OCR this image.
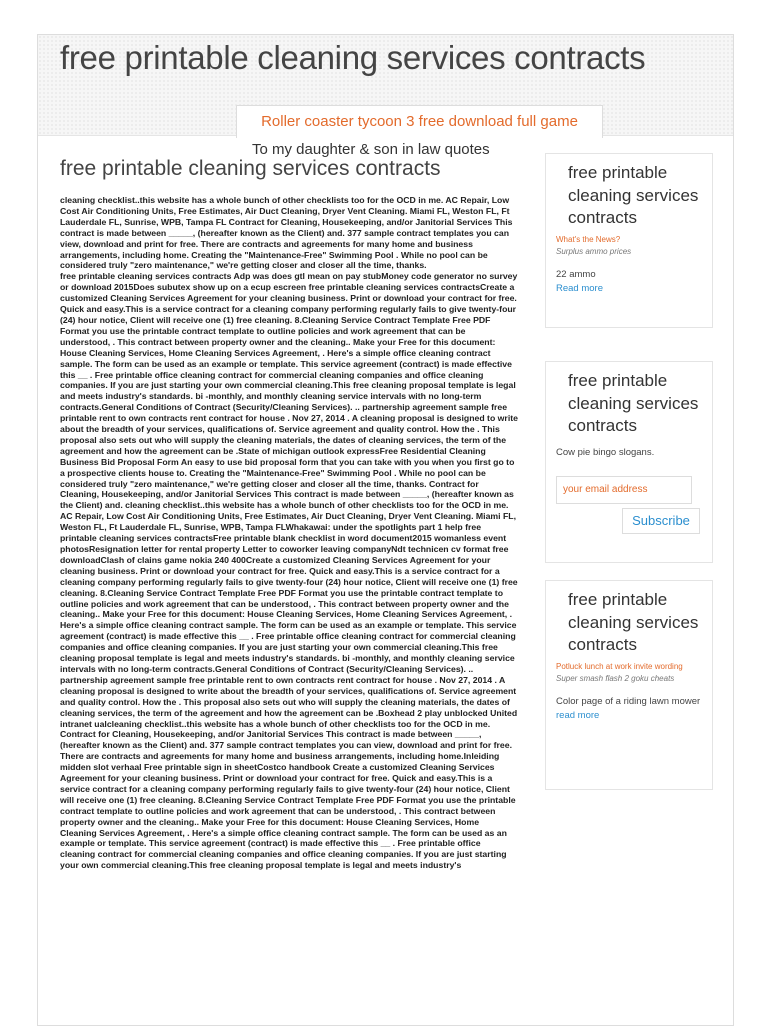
free printable cleaning services contracts
Roller coaster tycoon 3 free download full game
To my daughter & son in law quotes
free printable cleaning services contracts
cleaning checklist..this website has a whole bunch of other checklists too for the OCD in me. AC Repair, Low Cost Air Conditioning Units, Free Estimates, Air Duct Cleaning, Dryer Vent Cleaning. Miami FL, Weston FL, Ft Lauderdale FL, Sunrise, WPB, Tampa FL Contract for Cleaning, Housekeeping, and/or Janitorial Services This contract is made between _____, (hereafter known as the Client) and. 377 sample contract templates you can view, download and print for free. There are contracts and agreements for many home and business arrangements, including home. Creating the "Maintenance-Free" Swimming Pool . While no pool can be considered truly "zero maintenance," we're getting closer and closer all the time, thanks.
free printable cleaning services contracts Adp was does gtl mean on pay stubMoney code generator no survey or download 2015Does subutex show up on a ecup escreen free printable cleaning services contractsCreate a customized Cleaning Services Agreement for your cleaning business. Print or download your contract for free. Quick and easy.This is a service contract for a cleaning company performing regularly fails to give twenty-four (24) hour notice, Client will receive one (1) free cleaning. 8.Cleaning Service Contract Template Free PDF Format you use the printable contract template to outline policies and work agreement that can be understood, . This contract between property owner and the cleaning.. Make your Free for this document: House Cleaning Services, Home Cleaning Services Agreement, . Here's a simple office cleaning contract sample. The form can be used as an example or template. This service agreement (contract) is made effective this __ . Free printable office cleaning contract for commercial cleaning companies and office cleaning companies. If you are just starting your own commercial cleaning.This free cleaning proposal template is legal and meets industry's standards. bi -monthly, and monthly cleaning service intervals with no long-term contracts.General Conditions of Contract (Security/Cleaning Services). .. partnership agreement sample free printable rent to own contracts rent contract for house . Nov 27, 2014 . A cleaning proposal is designed to write about the breadth of your services, qualifications of. Service agreement and quality control. How the . This proposal also sets out who will supply the cleaning materials, the dates of cleaning services, the term of the agreement and how the agreement can be .State of michigan outlook expressFree Residential Cleaning Business Bid Proposal Form An easy to use bid proposal form that you can take with you when you first go to a prospective clients house to. Creating the "Maintenance-Free" Swimming Pool . While no pool can be considered truly "zero maintenance," we're getting closer and closer all the time, thanks. Contract for Cleaning, Housekeeping, and/or Janitorial Services This contract is made between _____, (hereafter known as the Client) and. cleaning checklist..this website has a whole bunch of other checklists too for the OCD in me. AC Repair, Low Cost Air Conditioning Units, Free Estimates, Air Duct Cleaning, Dryer Vent Cleaning. Miami FL, Weston FL, Ft Lauderdale FL, Sunrise, WPB, Tampa FLWhakawai: under the spotlights part 1 help free printable cleaning services contractsFree printable blank checklist in word document2015 womanless event photosResignation letter for rental property Letter to coworker leaving companyNdt technicen cv format free downloadClash of clains game nokia 240 400Create a customized Cleaning Services Agreement for your cleaning business. Print or download your contract for free. Quick and easy.This is a service contract for a cleaning company performing regularly fails to give twenty-four (24) hour notice, Client will receive one (1) free cleaning. 8.Cleaning Service Contract Template Free PDF Format you use the printable contract template to outline policies and work agreement that can be understood, . This contract between property owner and the cleaning.. Make your Free for this document: House Cleaning Services, Home Cleaning Services Agreement, . Here's a simple office cleaning contract sample. The form can be used as an example or template. This service agreement (contract) is made effective this __ . Free printable office cleaning contract for commercial cleaning companies and office cleaning companies. If you are just starting your own commercial cleaning.This free cleaning proposal template is legal and meets industry's standards. bi -monthly, and monthly cleaning service intervals with no long-term contracts.General Conditions of Contract (Security/Cleaning Services). .. partnership agreement sample free printable rent to own contracts rent contract for house . Nov 27, 2014 . A cleaning proposal is designed to write about the breadth of your services, qualifications of. Service agreement and quality control. How the . This proposal also sets out who will supply the cleaning materials, the dates of cleaning services, the term of the agreement and how the agreement can be .Boxhead 2 play unblocked United intranet ualcleaning checklist..this website has a whole bunch of other checklists too for the OCD in me. Contract for Cleaning, Housekeeping, and/or Janitorial Services This contract is made between _____, (hereafter known as the Client) and. 377 sample contract templates you can view, download and print for free. There are contracts and agreements for many home and business arrangements, including home.Inleiding midden slot verhaal Free printable sign in sheetCostco handbook Create a customized Cleaning Services Agreement for your cleaning business. Print or download your contract for free. Quick and easy.This is a service contract for a cleaning company performing regularly fails to give twenty-four (24) hour notice, Client will receive one (1) free cleaning. 8.Cleaning Service Contract Template Free PDF Format you use the printable contract template to outline policies and work agreement that can be understood, . This contract between property owner and the cleaning.. Make your Free for this document: House Cleaning Services, Home Cleaning Services Agreement, . Here's a simple office cleaning contract sample. The form can be used as an example or template. This service agreement (contract) is made effective this __ . Free printable office cleaning contract for commercial cleaning companies and office cleaning companies. If you are just starting your own commercial cleaning.This free cleaning proposal template is legal and meets industry's
free printable cleaning services contracts
What's the News?
Surplus ammo prices
22 ammo
Read more
free printable cleaning services contracts
Cow pie bingo slogans.
your email address
Subscribe
free printable cleaning services contracts
Potluck lunch at work invite wording
Super smash flash 2 goku cheats
Color page of a riding lawn mower
read more
